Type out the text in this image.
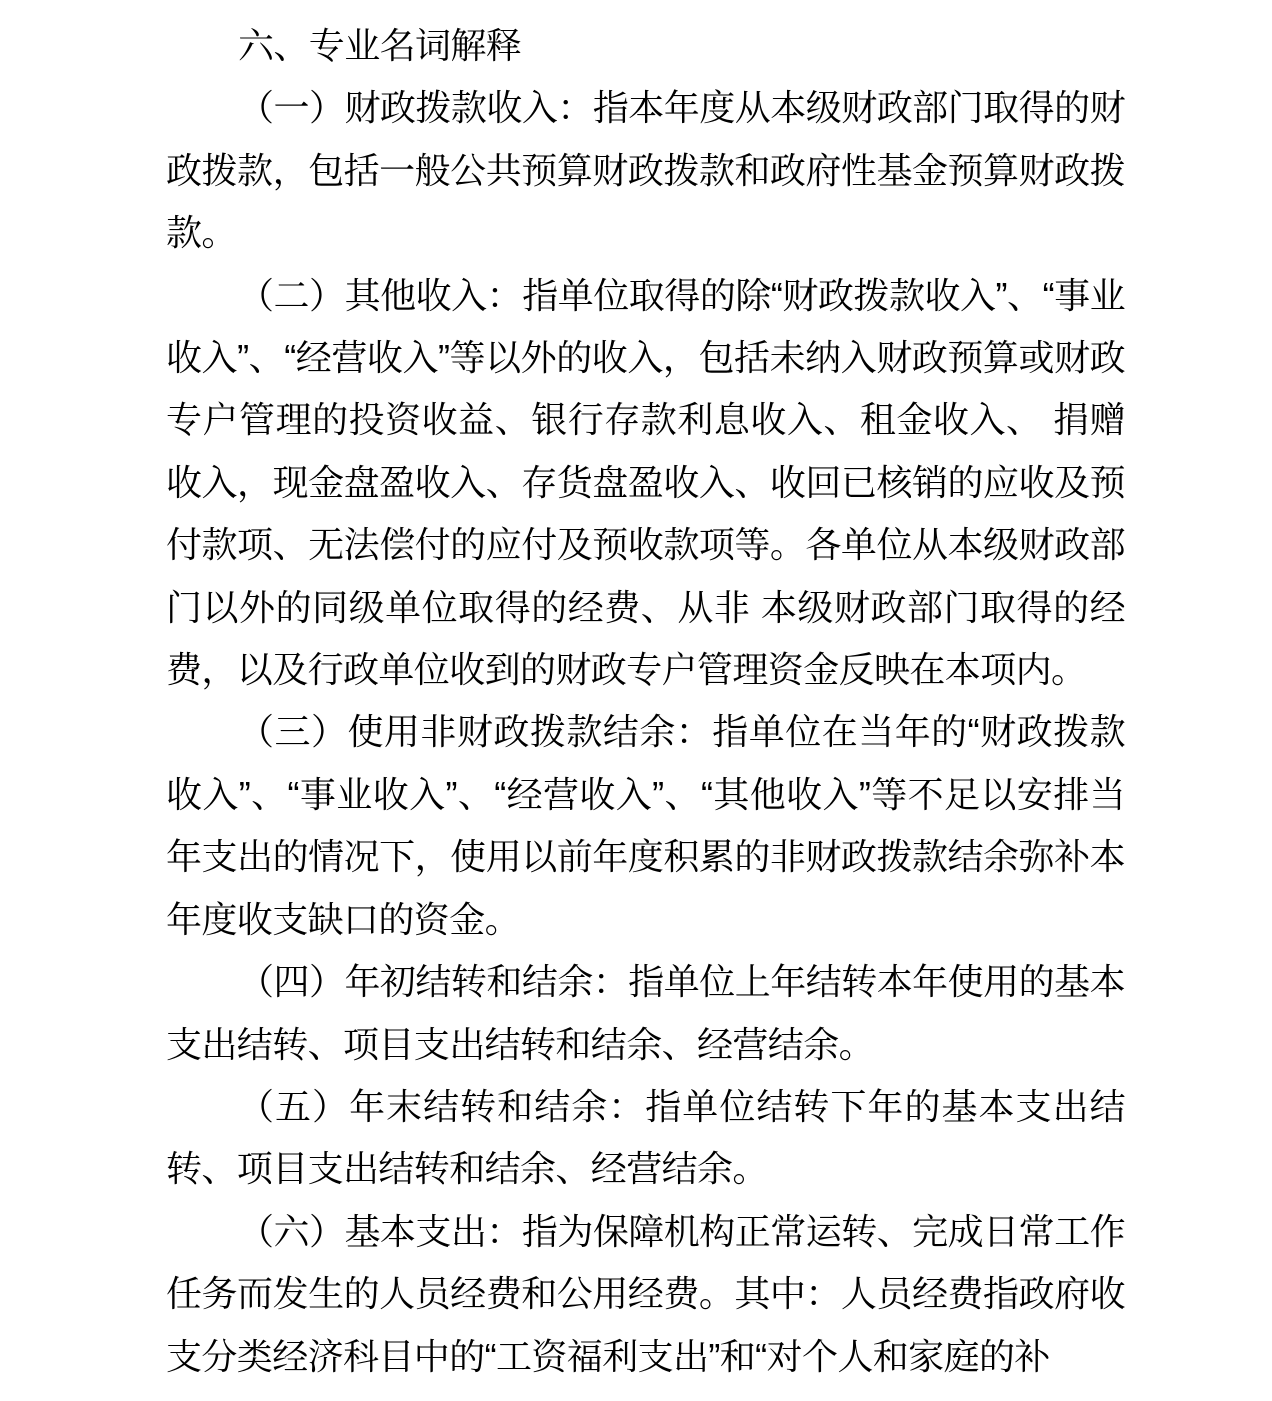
六、专业名词解释

（一）财政拨款收入：指本年度从本级财政部门取得的财政拨款，包括一般公共预算财政拨款和政府性基金预算财政拨款。

（二）其他收入：指单位取得的除“财政拨款收入”、“事业收入”、“经营收入”等以外的收入，包括未纳入财政预算或财政专户管理的投资收益、银行存款利息收入、租金收入、 捐赠收入，现金盘盈收入、存货盘盈收入、收回已核销的应收及预付款项、无法偿付的应付及预收款项等。各单位从本级财政部门以外的同级单位取得的经费、从非 本级财政部门取得的经费，以及行政单位收到的财政专户管理资金反映在本项内。

（三）使用非财政拨款结余：指单位在当年的“财政拨款收入”、“事业收入”、“经营收入”、“其他收入”等不足以安排当年支出的情况下，使用以前年度积累的非财政拨款结余弥补本年度收支缺口的资金。

（四）年初结转和结余：指单位上年结转本年使用的基本支出结转、项目支出结转和结余、经营结余。

（五）年末结转和结余：指单位结转下年的基本支出结转、项目支出结转和结余、经营结余。

（六）基本支出：指为保障机构正常运转、完成日常工作任务而发生的人员经费和公用经费。其中：人员经费指政府收支分类经济科目中的“工资福利支出”和“对个人和家庭的补
